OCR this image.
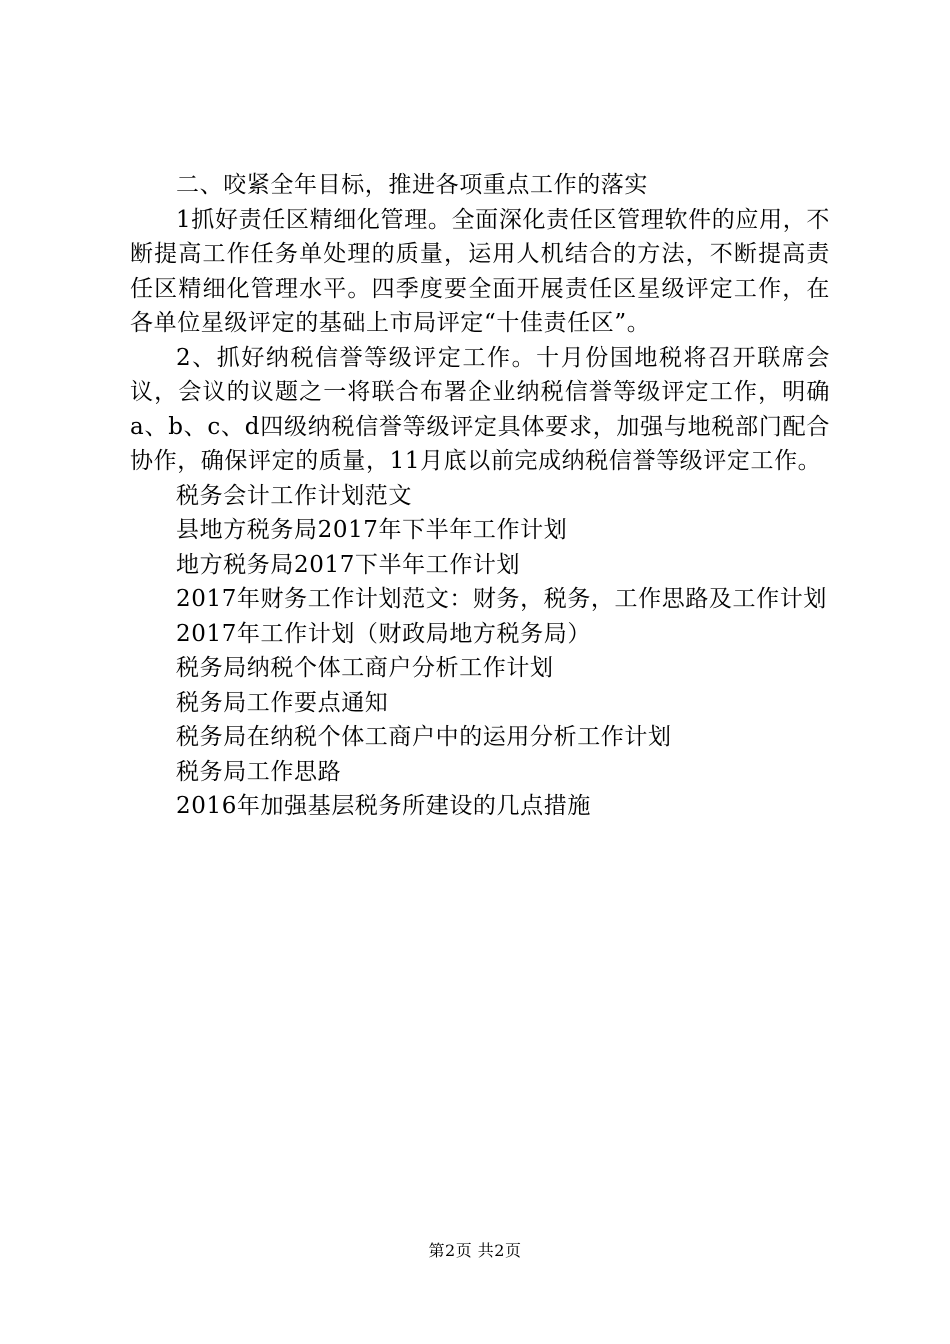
二、咬紧全年目标，推进各项重点工作的落实

1抓好责任区精细化管理。全面深化责任区管理软件的应用，不断提高工作任务单处理的质量，运用人机结合的方法，不断提高责任区精细化管理水平。四季度要全面开展责任区星级评定工作，在各单位星级评定的基础上市局评定“十佳责任区”。

2、抓好纳税信誉等级评定工作。十月份国地税将召开联席会议，会议的议题之一将联合布署企业纳税信誉等级评定工作，明确a、b、c、d四级纳税信誉等级评定具体要求，加强与地税部门配合协作，确保评定的质量，11月底以前完成纳税信誉等级评定工作。

税务会计工作计划范文

县地方税务局2017年下半年工作计划

地方税务局2017下半年工作计划

2017年财务工作计划范文：财务，税务，工作思路及工作计划

2017年工作计划（财政局地方税务局）

税务局纳税个体工商户分析工作计划

税务局工作要点通知

税务局在纳税个体工商户中的运用分析工作计划

税务局工作思路

2016年加强基层税务所建设的几点措施

第2页 共2页
